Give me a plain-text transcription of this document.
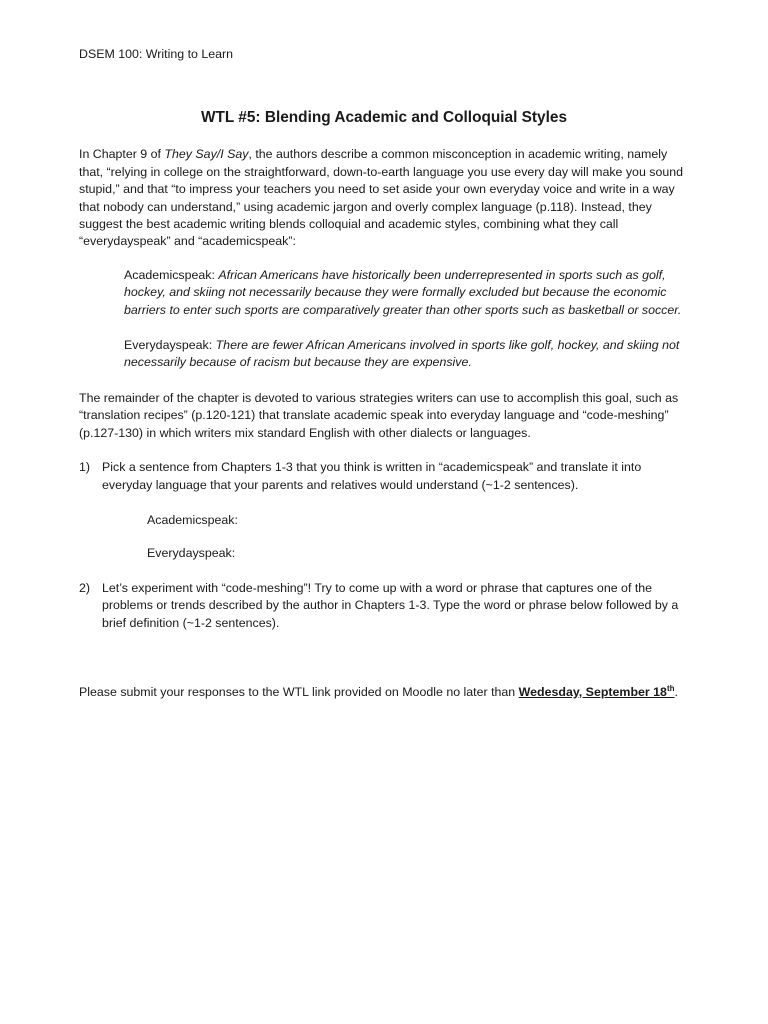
DSEM 100: Writing to Learn

WTL #5: Blending Academic and Colloquial Styles

In Chapter 9 of They Say/I Say, the authors describe a common misconception in academic writing, namely that, “relying in college on the straightforward, down-to-earth language you use every day will make you sound stupid,” and that “to impress your teachers you need to set aside your own everyday voice and write in a way that nobody can understand,” using academic jargon and overly complex language (p.118). Instead, they suggest the best academic writing blends colloquial and academic styles, combining what they call “everydayspeak” and “academicspeak”:

Academicspeak: African Americans have historically been underrepresented in sports such as golf, hockey, and skiing not necessarily because they were formally excluded but because the economic barriers to enter such sports are comparatively greater than other sports such as basketball or soccer.

Everydayspeak: There are fewer African Americans involved in sports like golf, hockey, and skiing not necessarily because of racism but because they are expensive.

The remainder of the chapter is devoted to various strategies writers can use to accomplish this goal, such as “translation recipes” (p.120-121) that translate academic speak into everyday language and “code-meshing” (p.127-130) in which writers mix standard English with other dialects or languages.

1) Pick a sentence from Chapters 1-3 that you think is written in “academicspeak” and translate it into everyday language that your parents and relatives would understand (~1-2 sentences).

Academicspeak:

Everydayspeak:

2) Let’s experiment with “code-meshing”! Try to come up with a word or phrase that captures one of the problems or trends described by the author in Chapters 1-3. Type the word or phrase below followed by a brief definition (~1-2 sentences).

Please submit your responses to the WTL link provided on Moodle no later than Wedesday, September 18th.
